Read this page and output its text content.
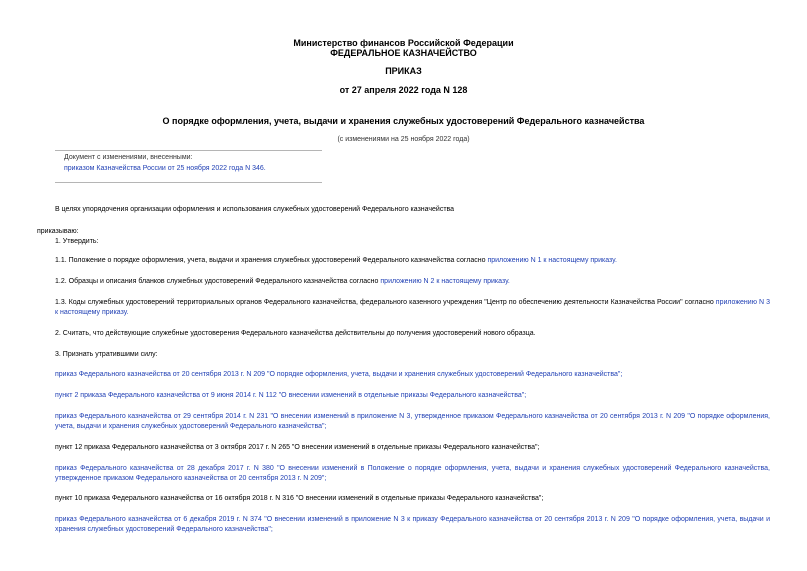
Министерство финансов Российской Федерации
ФЕДЕРАЛЬНОЕ КАЗНАЧЕЙСТВО
ПРИКАЗ
от 27 апреля 2022 года N 128
О порядке оформления, учета, выдачи и хранения служебных удостоверений Федерального казначейства
(с изменениями на 25 ноября 2022 года)
Документ с изменениями, внесенными:
приказом Казначейства России от 25 ноября 2022 года N 346.
В целях упорядочения организации оформления и использования служебных удостоверений Федерального казначейства
приказываю:
1. Утвердить:
1.1. Положение о порядке оформления, учета, выдачи и хранения служебных удостоверений Федерального казначейства согласно приложению N 1 к настоящему приказу.
1.2. Образцы и описания бланков служебных удостоверений Федерального казначейства согласно приложению N 2 к настоящему приказу.
1.3. Коды служебных удостоверений территориальных органов Федерального казначейства, федерального казенного учреждения "Центр по обеспечению деятельности Казначейства России" согласно приложению N 3 к настоящему приказу.
2. Считать, что действующие служебные удостоверения Федерального казначейства действительны до получения удостоверений нового образца.
3. Признать утратившими силу:
приказ Федерального казначейства от 20 сентября 2013 г. N 209 "О порядке оформления, учета, выдачи и хранения служебных удостоверений Федерального казначейства";
пункт 2 приказа Федерального казначейства от 9 июня 2014 г. N 112 "О внесении изменений в отдельные приказы Федерального казначейства";
приказ Федерального казначейства от 29 сентября 2014 г. N 231 "О внесении изменений в приложение N 3, утвержденное приказом Федерального казначейства от 20 сентября 2013 г. N 209 "О порядке оформления, учета, выдачи и хранения служебных удостоверений Федерального казначейства";
пункт 12 приказа Федерального казначейства от 3 октября 2017 г. N 265 "О внесении изменений в отдельные приказы Федерального казначейства";
приказ Федерального казначейства от 28 декабря 2017 г. N 380 "О внесении изменений в Положение о порядке оформления, учета, выдачи и хранения служебных удостоверений Федерального казначейства, утвержденное приказом Федерального казначейства от 20 сентября 2013 г. N 209";
пункт 10 приказа Федерального казначейства от 16 октября 2018 г. N 316 "О внесении изменений в отдельные приказы Федерального казначейства";
приказ Федерального казначейства от 6 декабря 2019 г. N 374 "О внесении изменений в приложение N 3 к приказу Федерального казначейства от 20 сентября 2013 г. N 209 "О порядке оформления, учета, выдачи и хранения служебных удостоверений Федерального казначейства";
